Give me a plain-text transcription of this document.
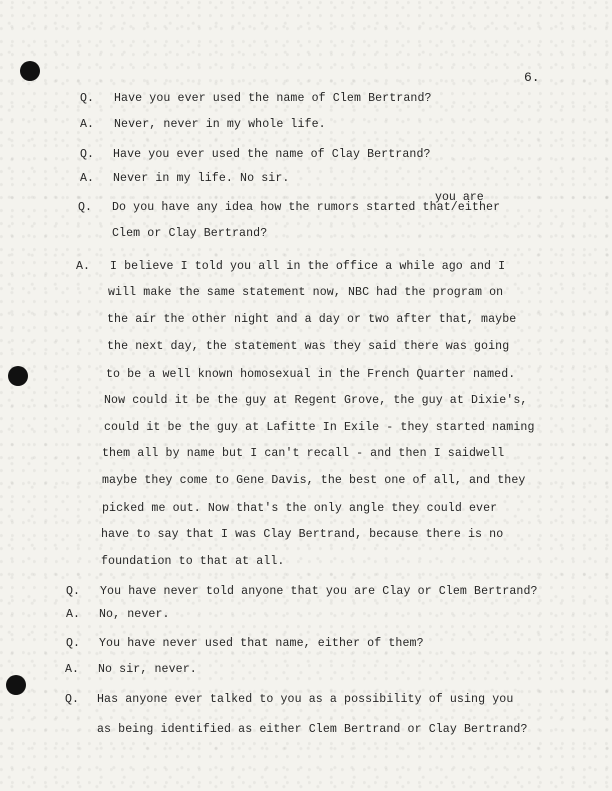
6.
you are
Q. Have you ever used the name of Clem Bertrand?
A. Never, never in my whole life.
Q. Have you ever used the name of Clay Bertrand?
A. Never in my life. No sir.
Q. Do you have any idea how the rumors started that/either
Clem or Clay Bertrand?
A. I believe I told you all in the office a while ago and I
will make the same statement now, NBC had the program on
the air the other night and a day or two after that, maybe
the next day, the statement was they said there was going
to be a well known homosexual in the French Quarter named.
Now could it be the guy at Regent Grove, the guy at Dixie's,
could it be the guy at Lafitte In Exile - they started naming
them all by name but I can't recall - and then I saidwell
maybe they come to Gene Davis, the best one of all, and they
picked me out. Now that's the only angle they could ever
have to say that I was Clay Bertrand, because there is no
foundation to that at all.
Q. You have never told anyone that you are Clay or Clem Bertrand?
A. No, never.
Q. You have never used that name, either of them?
A. No sir, never.
Q. Has anyone ever talked to you as a possibility of using you
as being identified as either Clem Bertrand or Clay Bertrand?
